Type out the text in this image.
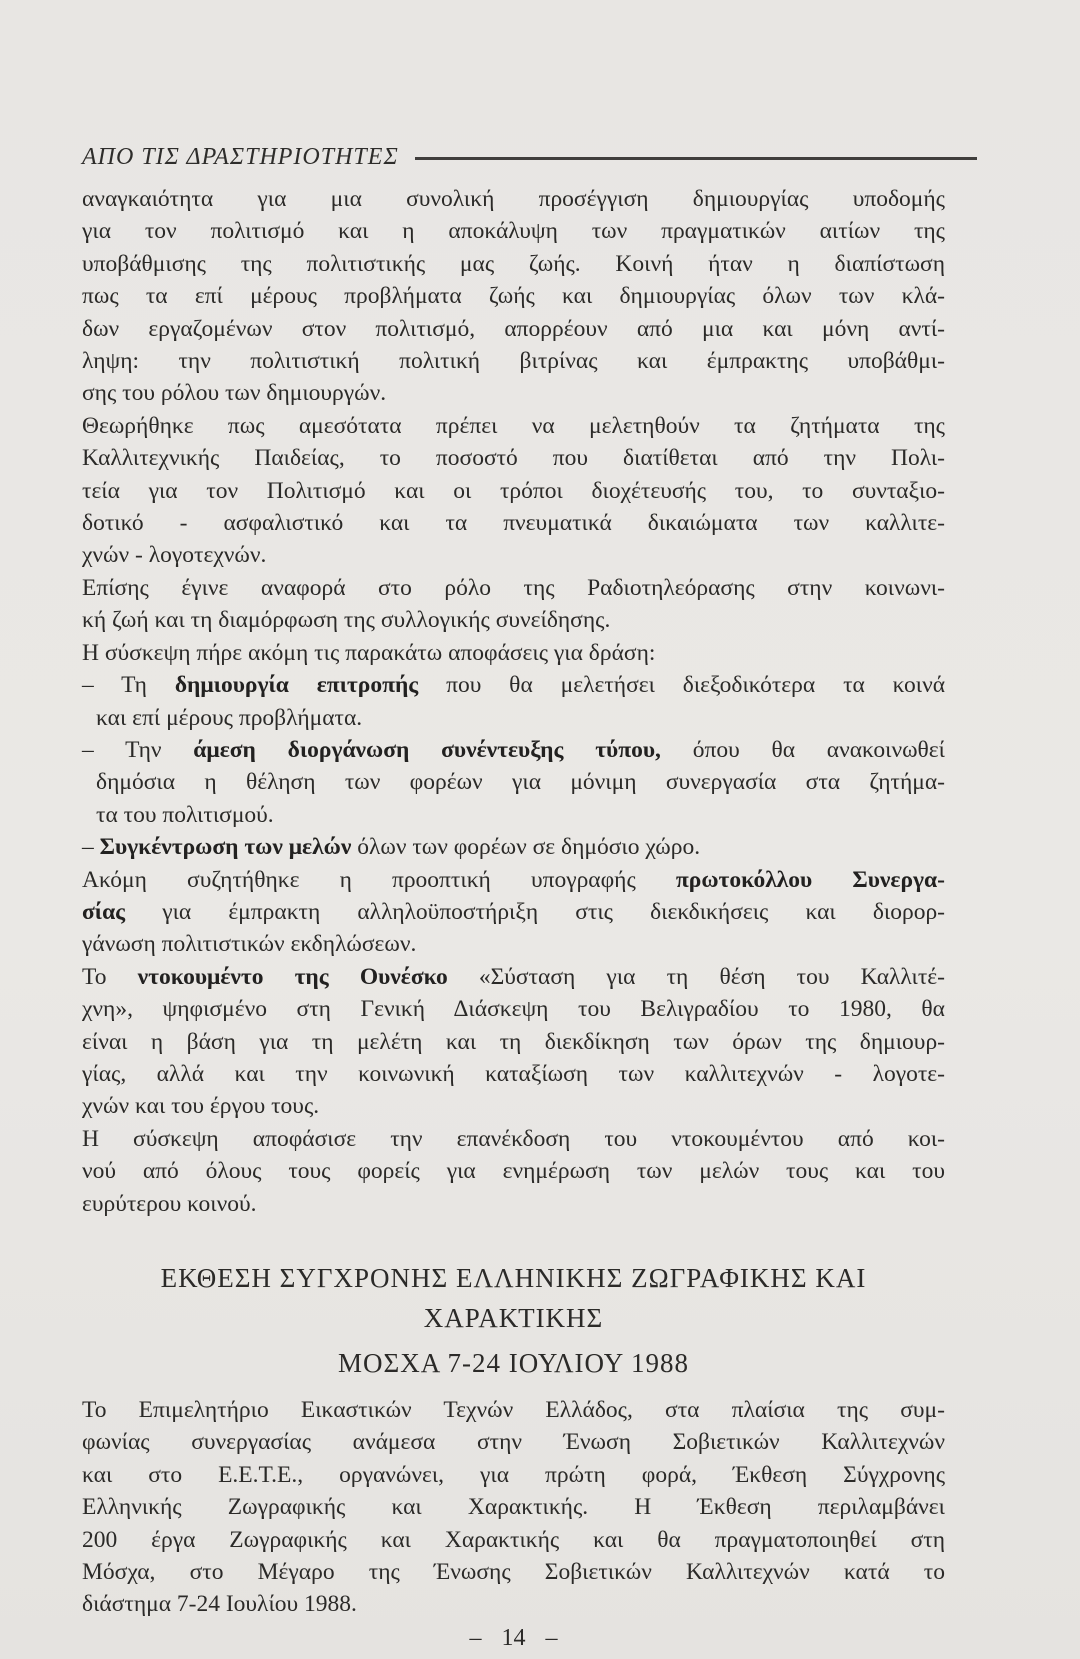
ΑΠΟ ΤΙΣ ΔΡΑΣΤΗΡΙΟΤΗΤΕΣ
αναγκαιότητα για μια συνολική προσέγγιση δημιουργίας υποδομής
για τον πολιτισμό και η αποκάλυψη των πραγματικών αιτίων της
υποβάθμισης της πολιτιστικής μας ζωής. Κοινή ήταν η διαπίστωση
πως τα επί μέρους προβλήματα ζωής και δημιουργίας όλων των κλά-
δων εργαζομένων στον πολιτισμό, απορρέουν από μια και μόνη αντί-
ληψη: την πολιτιστική πολιτική βιτρίνας και έμπρακτης υποβάθμι-
σης του ρόλου των δημιουργών.
Θεωρήθηκε πως αμεσότατα πρέπει να μελετηθούν τα ζητήματα της
Καλλιτεχνικής Παιδείας, το ποσοστό που διατίθεται από την Πολι-
τεία για τον Πολιτισμό και οι τρόποι διοχέτευσής του, το συνταξιο-
δοτικό - ασφαλιστικό και τα πνευματικά δικαιώματα των καλλιτε-
χνών - λογοτεχνών.
Επίσης έγινε αναφορά στο ρόλο της Ραδιοτηλεόρασης στην κοινωνι-
κή ζωή και τη διαμόρφωση της συλλογικής συνείδησης.
Η σύσκεψη πήρε ακόμη τις παρακάτω αποφάσεις για δράση:
– Τη δημιουργία επιτροπής που θα μελετήσει διεξοδικότερα τα κοινά
και επί μέρους προβλήματα.
– Την άμεση διοργάνωση συνέντευξης τύπου, όπου θα ανακοινωθεί
δημόσια η θέληση των φορέων για μόνιμη συνεργασία στα ζητήμα-
τα του πολιτισμού.
– Συγκέντρωση των μελών όλων των φορέων σε δημόσιο χώρο.
Ακόμη συζητήθηκε η προοπτική υπογραφής πρωτοκόλλου Συνεργα-
σίας για έμπρακτη αλληλοϋποστήριξη στις διεκδικήσεις και διορορ-
γάνωση πολιτιστικών εκδηλώσεων.
Το ντοκουμέντο της Ουνέσκο «Σύσταση για τη θέση του Καλλιτέ-
χνη», ψηφισμένο στη Γενική Διάσκεψη του Βελιγραδίου το 1980, θα
είναι η βάση για τη μελέτη και τη διεκδίκηση των όρων της δημιουρ-
γίας, αλλά και την κοινωνική καταξίωση των καλλιτεχνών - λογοτε-
χνών και του έργου τους.
Η σύσκεψη αποφάσισε την επανέκδοση του ντοκουμέντου από κοι-
νού από όλους τους φορείς για ενημέρωση των μελών τους και του
ευρύτερου κοινού.
ΕΚΘΕΣΗ ΣΥΓΧΡΟΝΗΣ ΕΛΛΗΝΙΚΗΣ ΖΩΓΡΑΦΙΚΗΣ ΚΑΙ
ΧΑΡΑΚΤΙΚΗΣ
ΜΟΣΧΑ 7-24 ΙΟΥΛΙΟΥ 1988
Το Επιμελητήριο Εικαστικών Τεχνών Ελλάδος, στα πλαίσια της συμ-
φωνίας συνεργασίας ανάμεσα στην Ένωση Σοβιετικών Καλλιτεχνών
και στο Ε.Ε.Τ.Ε., οργανώνει, για πρώτη φορά, Έκθεση Σύγχρονης
Ελληνικής Ζωγραφικής και Χαρακτικής. Η Έκθεση περιλαμβάνει
200 έργα Ζωγραφικής και Χαρακτικής και θα πραγματοποιηθεί στη
Μόσχα, στο Μέγαρο της Ένωσης Σοβιετικών Καλλιτεχνών κατά το
διάστημα 7-24 Ιουλίου 1988.
– 14 –
